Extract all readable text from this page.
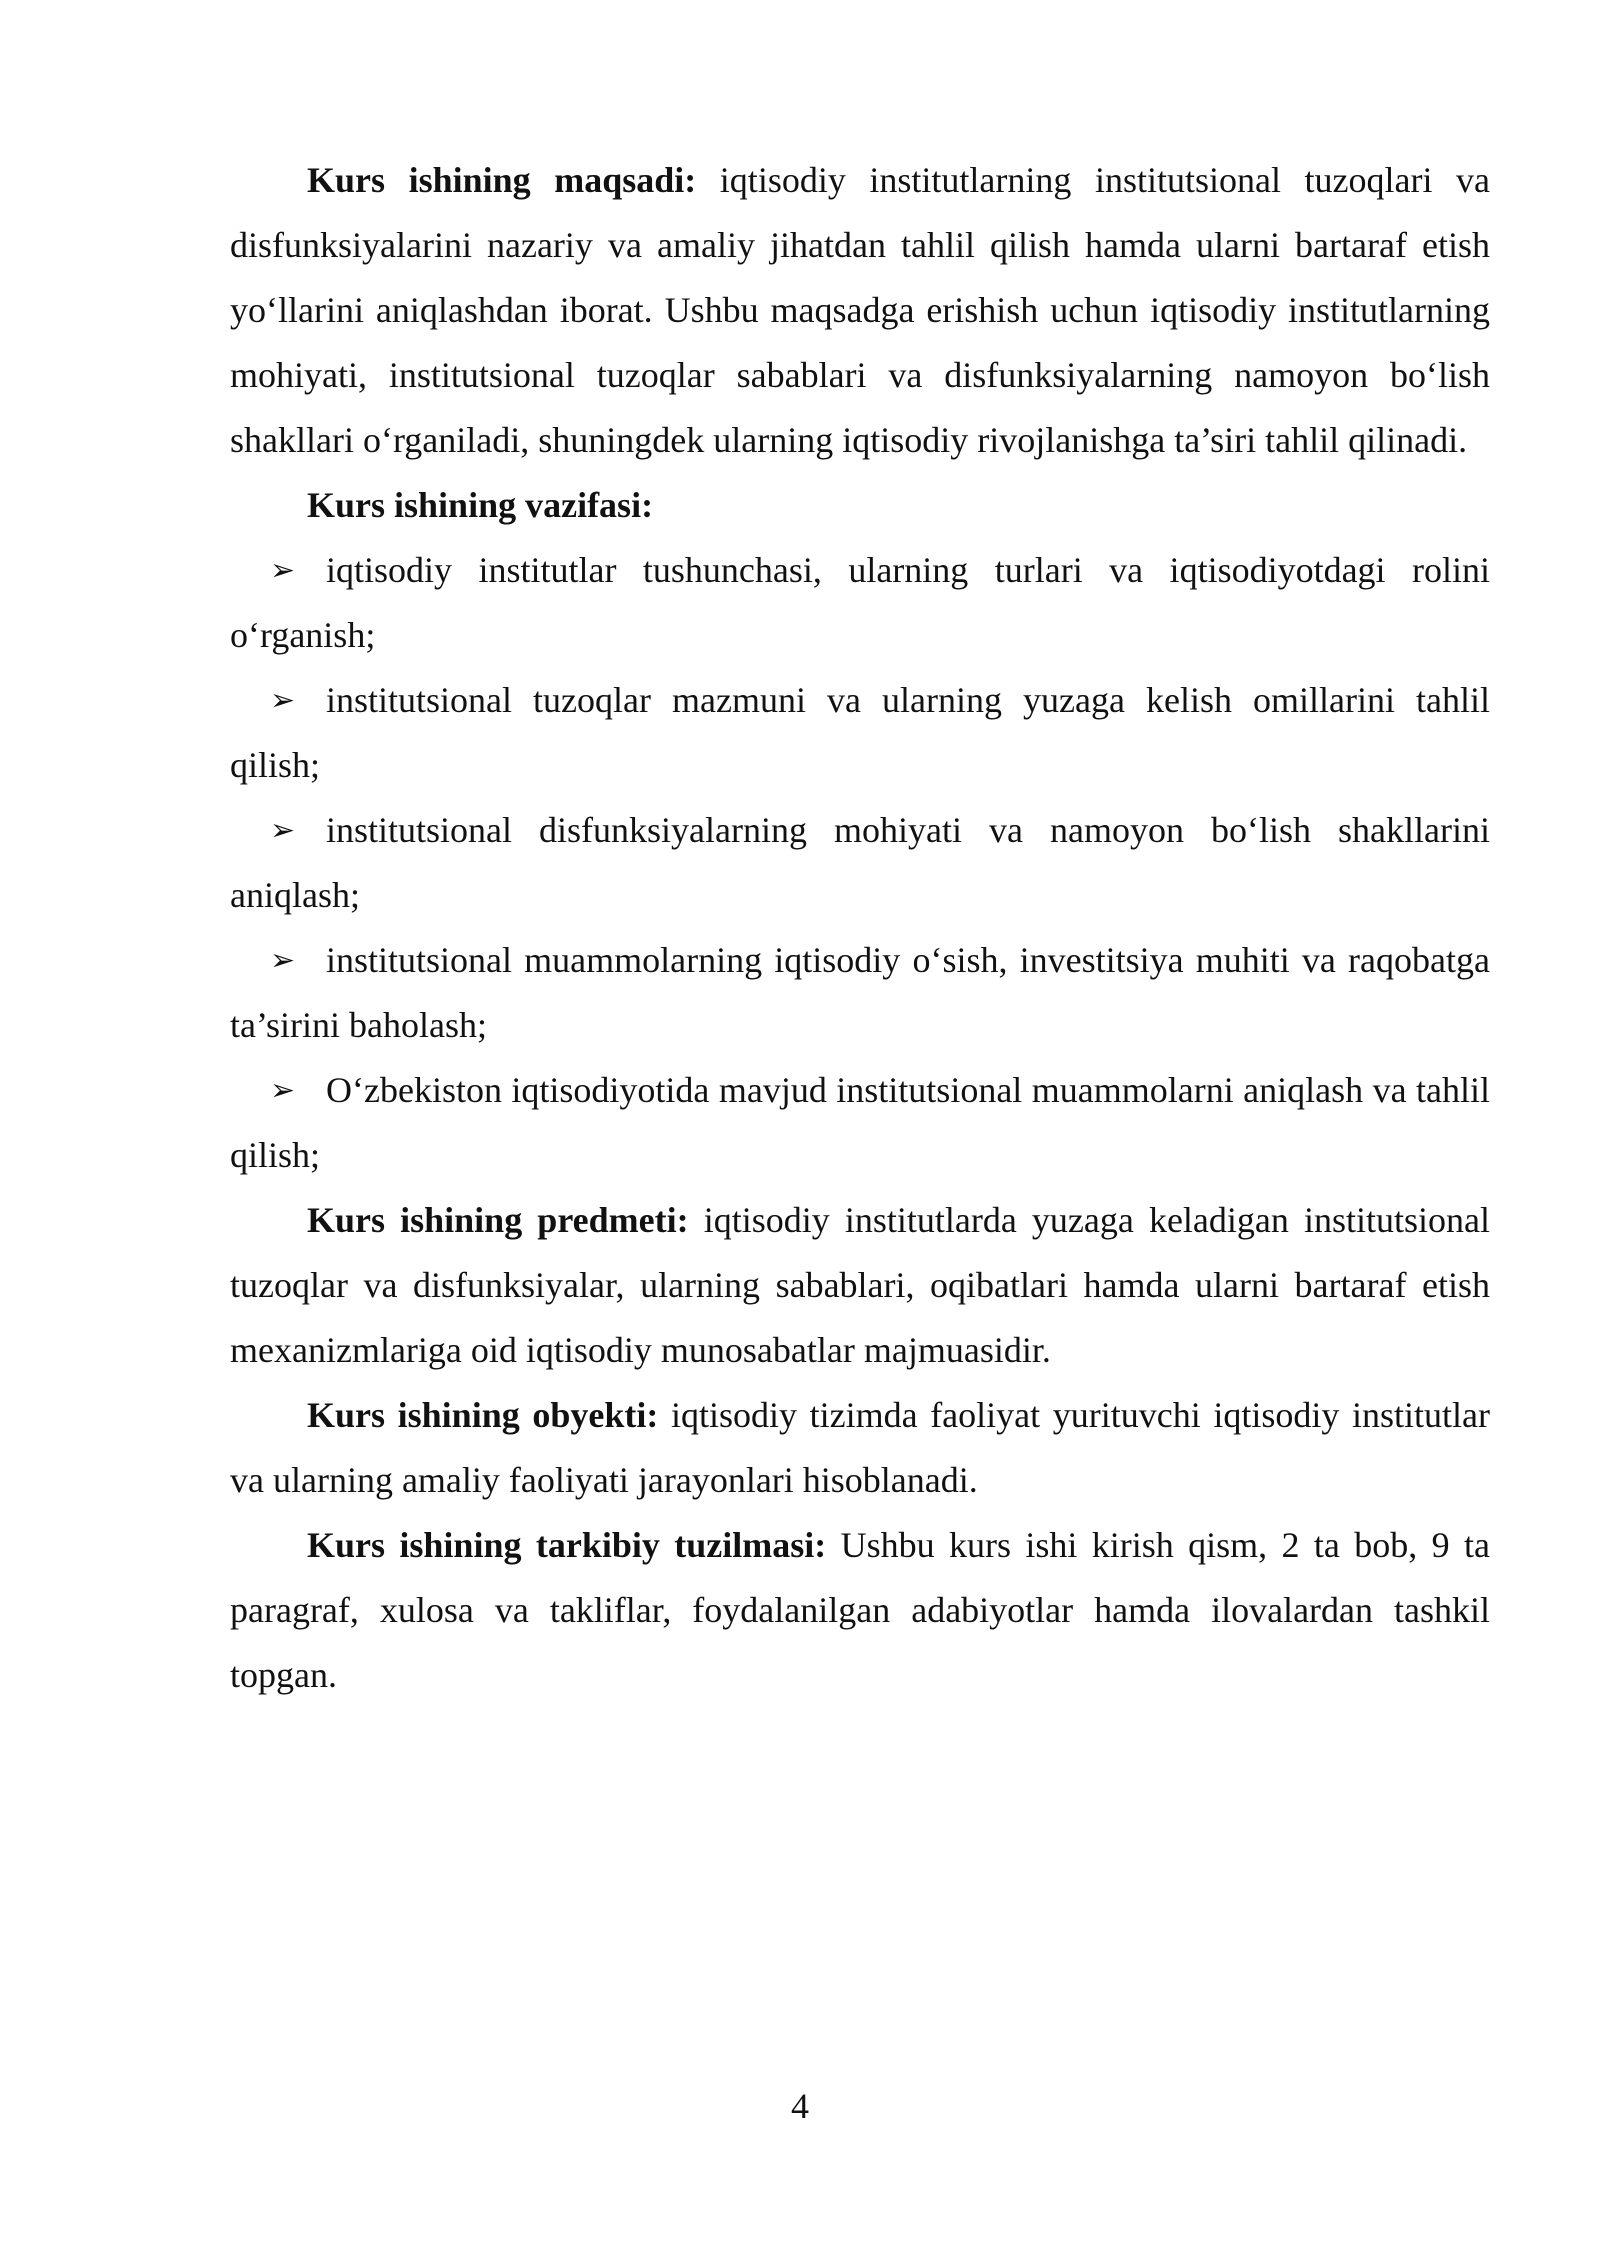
Kurs ishining maqsadi: iqtisodiy institutlarning institutsional tuzoqlari va disfunksiyalarini nazariy va amaliy jihatdan tahlil qilish hamda ularni bartaraf etish yo‘llarini aniqlashdan iborat. Ushbu maqsadga erishish uchun iqtisodiy institutlarning mohiyati, institutsional tuzoqlar sabablari va disfunksiyalarning namoyon bo‘lish shakllari o‘rganiladi, shuningdek ularning iqtisodiy rivojlanishga ta’siri tahlil qilinadi.

Kurs ishining vazifasi:

➢ iqtisodiy institutlar tushunchasi, ularning turlari va iqtisodiyotdagi rolini o‘rganish;

➢ institutsional tuzoqlar mazmuni va ularning yuzaga kelish omillarini tahlil qilish;

➢ institutsional disfunksiyalarning mohiyati va namoyon bo‘lish shakllarini aniqlash;

➢ institutsional muammolarning iqtisodiy o‘sish, investitsiya muhiti va raqobatga ta’sirini baholash;

➢ O‘zbekiston iqtisodiyotida mavjud institutsional muammolarni aniqlash va tahlil qilish;

Kurs ishining predmeti: iqtisodiy institutlarda yuzaga keladigan institutsional tuzoqlar va disfunksiyalar, ularning sabablari, oqibatlari hamda ularni bartaraf etish mexanizmlariga oid iqtisodiy munosabatlar majmuasidir.

Kurs ishining obyekti: iqtisodiy tizimda faoliyat yurituvchi iqtisodiy institutlar va ularning amaliy faoliyati jarayonlari hisoblanadi.

Kurs ishining tarkibiy tuzilmasi: Ushbu kurs ishi kirish qism, 2 ta bob, 9 ta paragraf, xulosa va takliflar, foydalanilgan adabiyotlar hamda ilovalardan tashkil topgan.

4
